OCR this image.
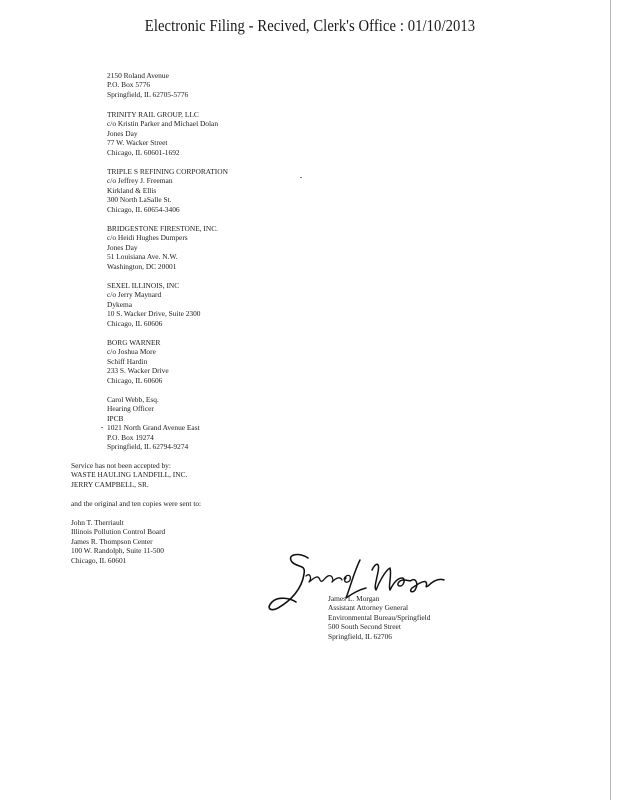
Electronic Filing - Recived, Clerk's Office : 01/10/2013
2150 Roland Avenue
P.O. Box 5776
Springfield, IL 62705-5776
TRINITY RAIL GROUP, LLC
c/o Kristin Parker and Michael Dolan
Jones Day
77 W. Wacker Street
Chicago, IL 60601-1692
TRIPLE S REFINING CORPORATION
c/o Jeffrey J. Freeman
Kirkland & Ellis
300 North LaSalle St.
Chicago, IL 60654-3406
BRIDGESTONE FIRESTONE, INC.
c/o Heidi Hughes Dumpers
Jones Day
51 Louisiana Ave. N.W.
Washington, DC 20001
SEXEL ILLINOIS, INC
c/o Jerry Maynard
Dykema
10 S. Wacker Drive, Suite 2300
Chicago, IL 60606
BORG WARNER
c/o Joshua More
Schiff Hardin
233 S. Wacker Drive
Chicago, IL 60606
Carol Webb, Esq.
Hearing Officer
IPCB
1021 North Grand Avenue East
P.O. Box 19274
Springfield, IL 62794-9274
Service has not been accepted by:
WASTE HAULING LANDFILL, INC.
JERRY CAMPBELL, SR.
and the original and ten copies were sent to:
John T. Therriault
Illinois Pollution Control Board
James R. Thompson Center
100 W. Randolph, Suite 11-500
Chicago, IL 60601
James L. Morgan
Assistant Attorney General
Environmental Bureau/Springfield
500 South Second Street
Springfield, IL 62706
